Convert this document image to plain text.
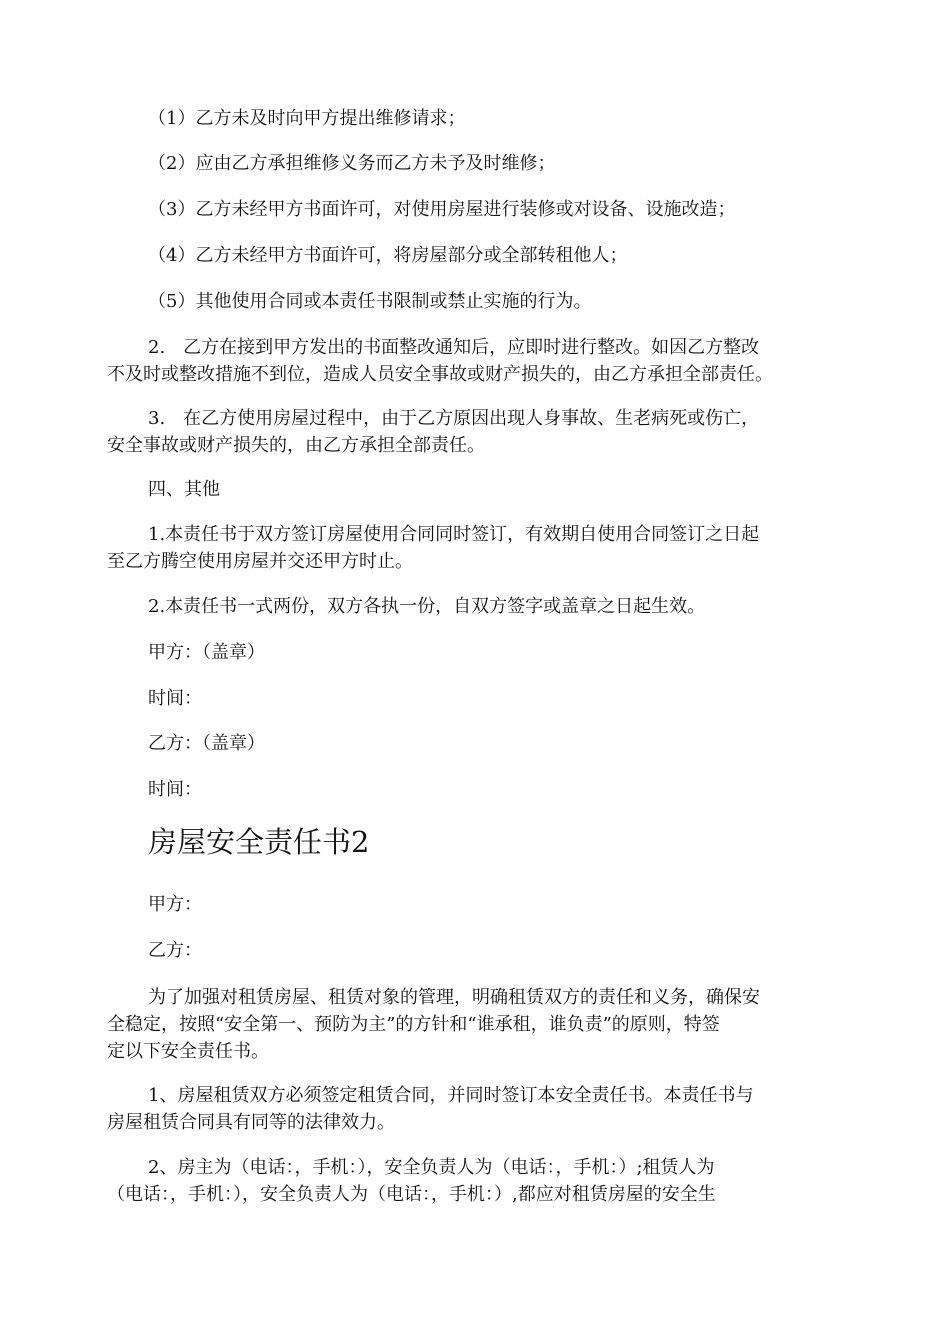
（1）乙方未及时向甲方提出维修请求；
（2）应由乙方承担维修义务而乙方未予及时维修；
（3）乙方未经甲方书面许可，对使用房屋进行装修或对设备、设施改造；
（4）乙方未经甲方书面许可，将房屋部分或全部转租他人；
（5）其他使用合同或本责任书限制或禁止实施的行为。
2.　乙方在接到甲方发出的书面整改通知后，应即时进行整改。如因乙方整改
不及时或整改措施不到位，造成人员安全事故或财产损失的，由乙方承担全部责任。
3.　在乙方使用房屋过程中，由于乙方原因出现人身事故、生老病死或伤亡，
安全事故或财产损失的，由乙方承担全部责任。
四、其他
1.本责任书于双方签订房屋使用合同同时签订，有效期自使用合同签订之日起
至乙方腾空使用房屋并交还甲方时止。
2.本责任书一式两份，双方各执一份，自双方签字或盖章之日起生效。
甲方：（盖章）
时间：
乙方：（盖章）
时间：
房屋安全责任书2
甲方：
乙方：
为了加强对租赁房屋、租赁对象的管理，明确租赁双方的责任和义务，确保安
全稳定，按照“安全第一、预防为主”的方针和“谁承租，谁负责”的原则，特签
定以下安全责任书。
1、房屋租赁双方必须签定租赁合同，并同时签订本安全责任书。本责任书与
房屋租赁合同具有同等的法律效力。
2、房主为（电话：，手机：），安全负责人为（电话：，手机：）;租赁人为
（电话：，手机：），安全负责人为（电话：，手机：）,都应对租赁房屋的安全生
